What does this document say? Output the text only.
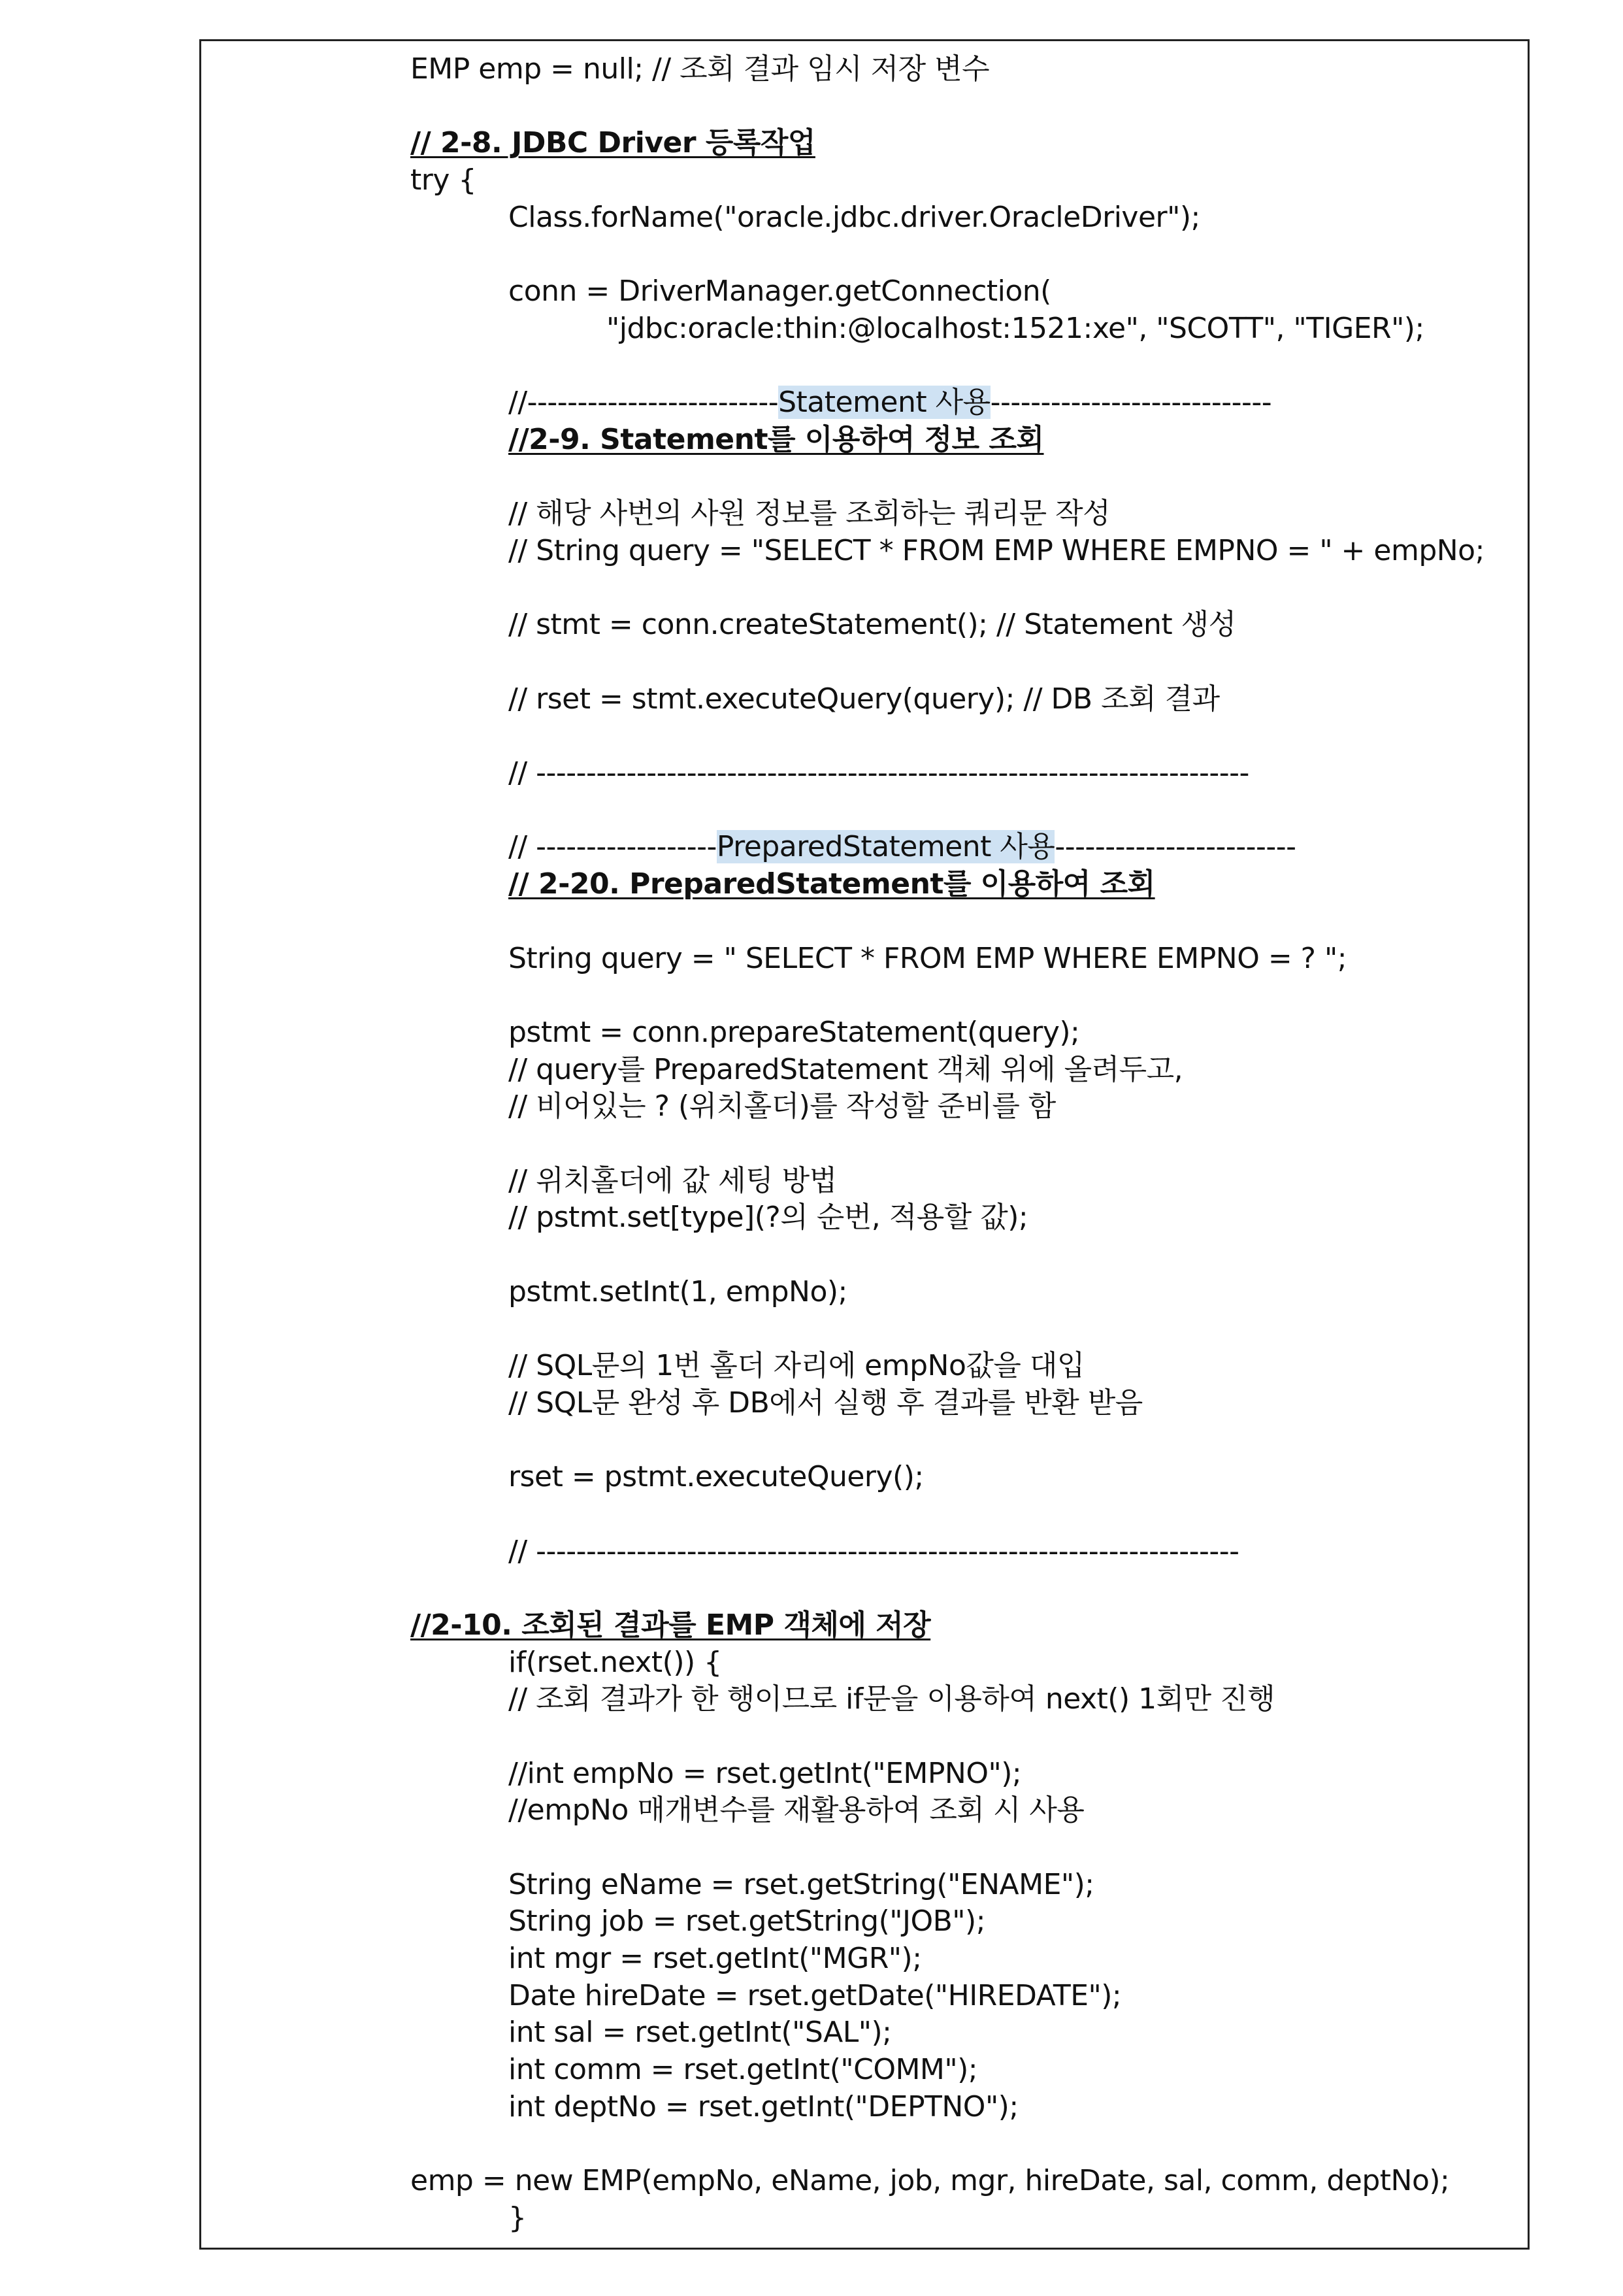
EMP emp = null; // 조회 결과 임시 저장 변수
// 2-8. JDBC Driver 등록작업
try {
Class.forName("oracle.jdbc.driver.OracleDriver");
conn = DriverManager.getConnection(
"jdbc:oracle:thin:@localhost:1521:xe", "SCOTT", "TIGER");
//-------------------------Statement 사용----------------------------
//2-9. Statement를 이용하여 정보 조회
// 해당 사번의 사원 정보를 조회하는 쿼리문 작성
// String query = "SELECT * FROM EMP WHERE EMPNO = " + empNo;
// stmt = conn.createStatement(); // Statement 생성
// rset = stmt.executeQuery(query); // DB 조회 결과
// -----------------------------------------------------------------------
// ------------------PreparedStatement 사용------------------------
// 2-20. PreparedStatement를 이용하여 조회
String query = " SELECT * FROM EMP WHERE EMPNO = ? ";
pstmt = conn.prepareStatement(query);
// query를 PreparedStatement 객체 위에 올려두고,
// 비어있는 ? (위치홀더)를 작성할 준비를 함
// 위치홀더에 값 세팅 방법
// pstmt.set[type](?의 순번, 적용할 값);
pstmt.setInt(1, empNo);
// SQL문의 1번 홀더 자리에 empNo값을 대입
// SQL문 완성 후 DB에서 실행 후 결과를 반환 받음
rset = pstmt.executeQuery();
// ----------------------------------------------------------------------
//2-10. 조회된 결과를 EMP 객체에 저장
if(rset.next()) {
// 조회 결과가 한 행이므로 if문을 이용하여 next() 1회만 진행
//int empNo = rset.getInt("EMPNO");
//empNo 매개변수를 재활용하여 조회 시 사용
String eName = rset.getString("ENAME");
String job = rset.getString("JOB");
int mgr = rset.getInt("MGR");
Date hireDate = rset.getDate("HIREDATE");
int sal = rset.getInt("SAL");
int comm = rset.getInt("COMM");
int deptNo = rset.getInt("DEPTNO");
emp = new EMP(empNo, eName, job, mgr, hireDate, sal, comm, deptNo);
}
